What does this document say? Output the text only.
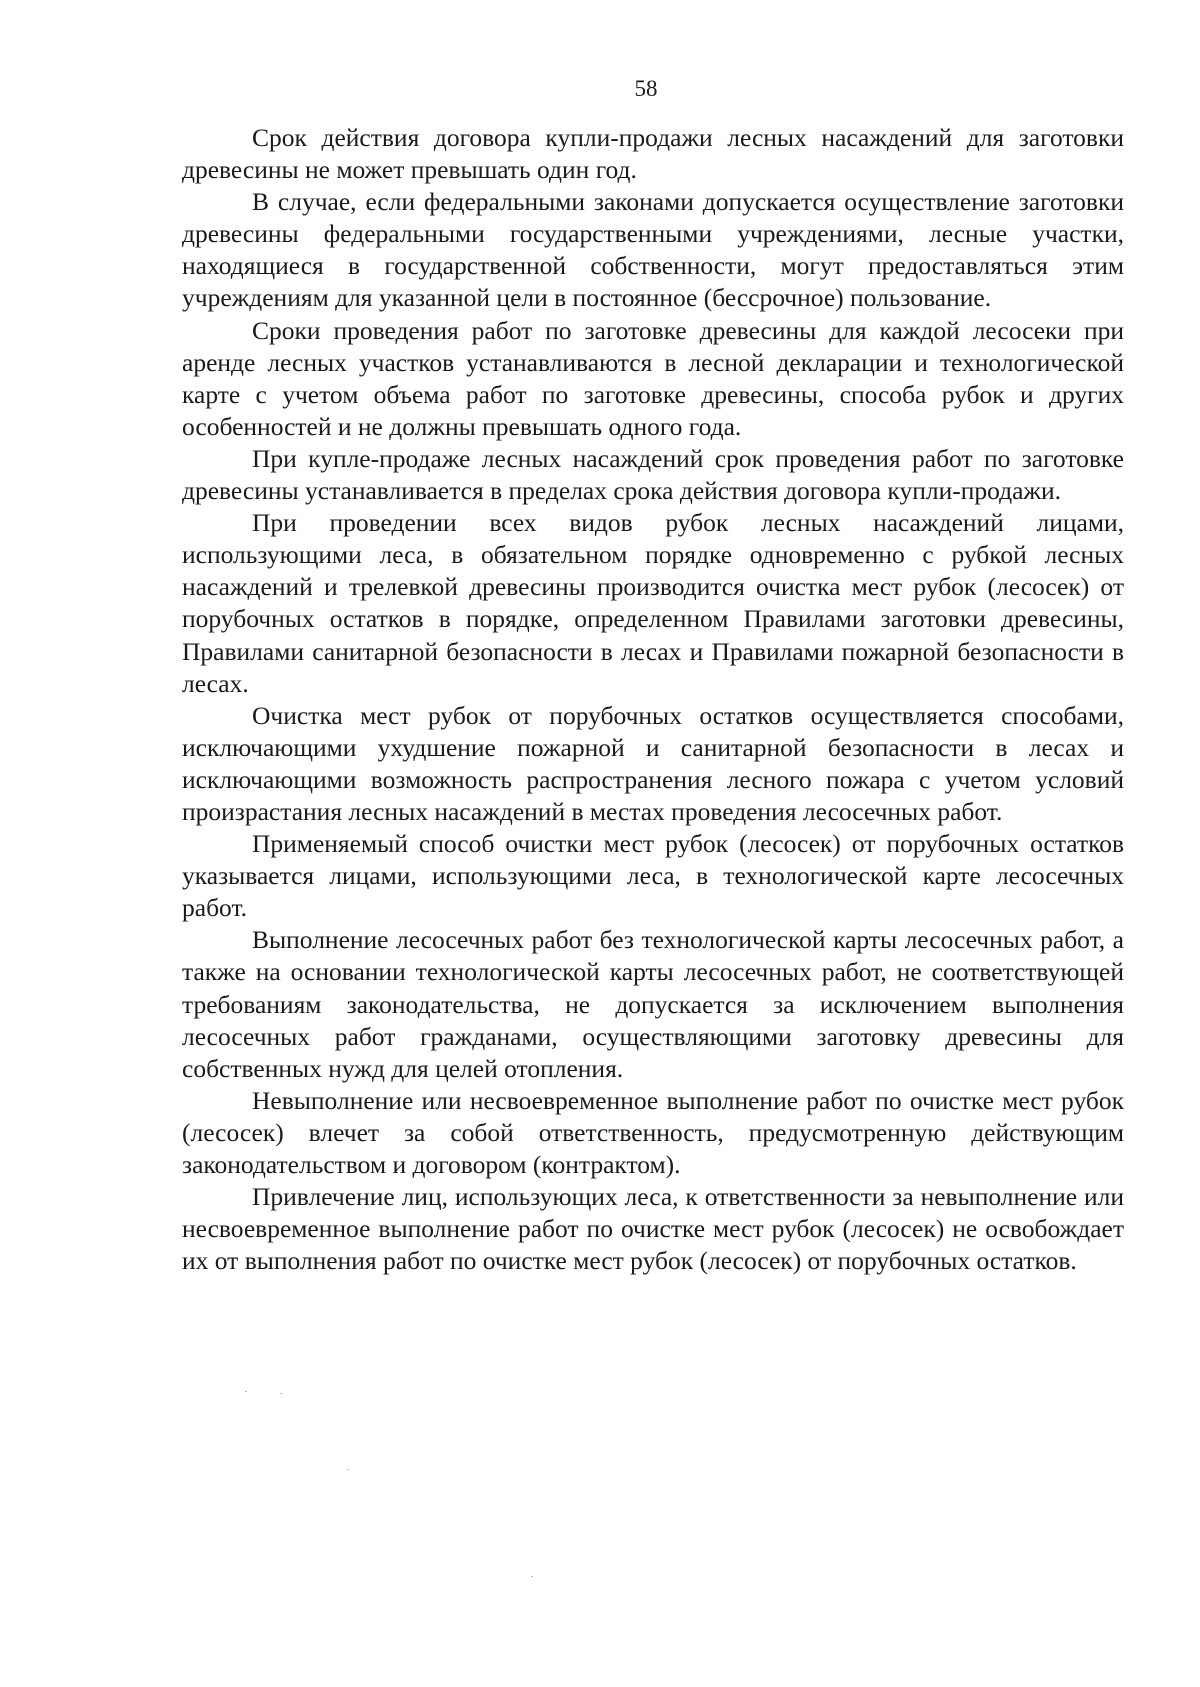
58

Срок действия договора купли-продажи лесных насаждений для заготовки древесины не может превышать один год.

В случае, если федеральными законами допускается осуществление заготовки древесины федеральными государственными учреждениями, лесные участки, находящиеся в государственной собственности, могут предоставляться этим учреждениям для указанной цели в постоянное (бессрочное) пользование.

Сроки проведения работ по заготовке древесины для каждой лесосеки при аренде лесных участков устанавливаются в лесной декларации и технологической карте с учетом объема работ по заготовке древесины, способа рубок и других особенностей и не должны превышать одного года.

При купле-продаже лесных насаждений срок проведения работ по заготовке древесины устанавливается в пределах срока действия договора купли-продажи.

При проведении всех видов рубок лесных насаждений лицами, использующими леса, в обязательном порядке одновременно с рубкой лесных насаждений и трелевкой древесины производится очистка мест рубок (лесосек) от порубочных остатков в порядке, определенном Правилами заготовки древесины, Правилами санитарной безопасности в лесах и Правилами пожарной безопасности в лесах.

Очистка мест рубок от порубочных остатков осуществляется способами, исключающими ухудшение пожарной и санитарной безопасности в лесах и исключающими возможность распространения лесного пожара с учетом условий произрастания лесных насаждений в местах проведения лесосечных работ.

Применяемый способ очистки мест рубок (лесосек) от порубочных остатков указывается лицами, использующими леса, в технологической карте лесосечных работ.

Выполнение лесосечных работ без технологической карты лесосечных работ, а также на основании технологической карты лесосечных работ, не соответствующей требованиям законодательства, не допускается за исключением выполнения лесосечных работ гражданами, осуществляющими заготовку древесины для собственных нужд для целей отопления.

Невыполнение или несвоевременное выполнение работ по очистке мест рубок (лесосек) влечет за собой ответственность, предусмотренную действующим законодательством и договором (контрактом).

Привлечение лиц, использующих леса, к ответственности за невыполнение или несвоевременное выполнение работ по очистке мест рубок (лесосек) не освобождает их от выполнения работ по очистке мест рубок (лесосек) от порубочных остатков.
